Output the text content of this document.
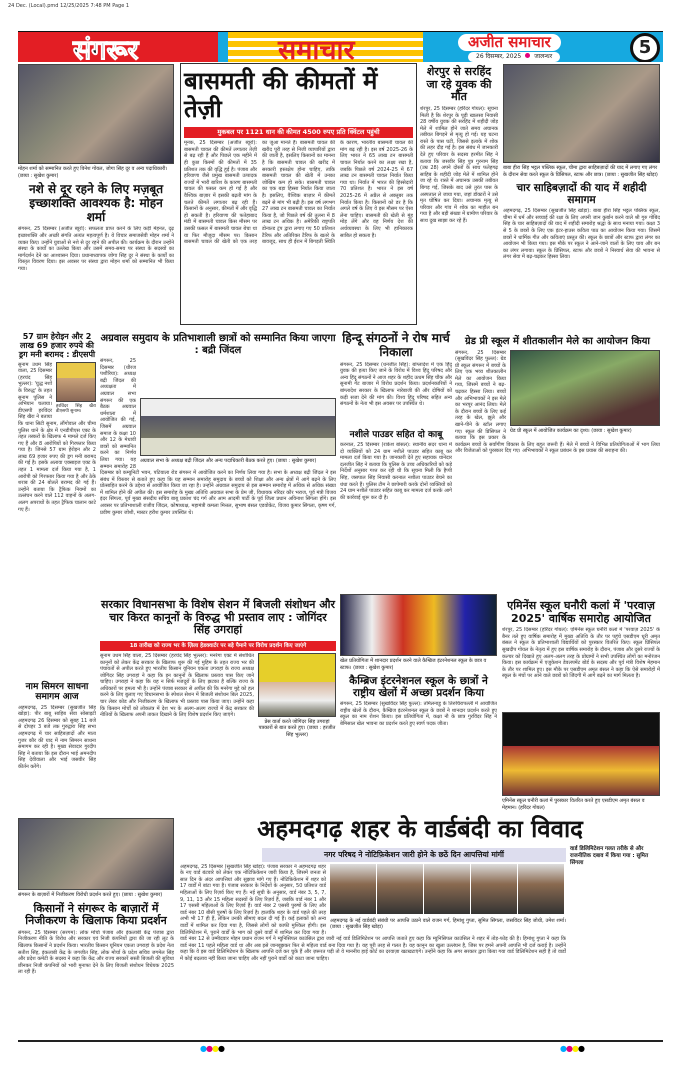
24 Dec. (Local).pmd 12/25/2025 7:48 PM Page 1
संगरूर	समाचार	अजीत समाचार
26 दिसम्बर, 2025 जालन्धर	5
मोहन शर्मा को सम्मानित करते हुए विनेश गोयल, जोगा सिंह दूर व अन्य पदाधिकारी। (छाया : सुखेश कुमार)
नशे से दूर रहने के लिए मज़बूत इच्छाशक्ति आवश्यक है: मोहन शर्मा
संगरूर, 25 दिसम्बर (अजीत ब्यूरो): सफलता प्राप्त करने के लिए कड़ी मेहनत, दृढ़ इच्छाशक्ति और अच्छी संगति अत्यंत महत्वपूर्ण है। ये विचार समाजसेवी मोहन शर्मा ने व्यक्त किए। उन्होंने युवाओं से नशे से दूर रहने की अपील की। कार्यक्रम के दौरान उन्होंने संस्था के कार्यों का उल्लेख किया और उसमें समय-समय पर संस्था के सदस्यों का मार्गदर्शन देने का आश्वासन दिया। प्रधानाध्यापक जोगा सिंह दूर ने संस्था के कार्यों का विस्तृत विवरण दिया। इस अवसर पर संस्था द्वारा मोहन शर्मा को सम्मानित भी किया गया।
बासमती की कीमतों में तेज़ी
मुकबल पर 1121 धान की कीमत 4500 रुपए प्रति क्विंटल पहुंची
मूनक, 25 दिसम्बर (अजीत ब्यूरो): बासमती चावल की कीमतें लगातार तेज़ी से बढ़ रही हैं और पिछले एक महीने में ही कुछ किस्मों की कीमतों में 35 प्रतिशत तक की वृद्धि हुई है। पंजाब और हरियाणा जैसे प्रमुख बासमती उत्पादक राज्यों में भारी बारिश के कारण बासमती चावल की फसल कम हो गई है और वैश्विक बाज़ार में इसकी बढ़ती मांग के चलते कीमतें लगातार बढ़ रही हैं। किसानों के अनुसार, कीमतों में और वृद्धि हो सकती है। हरियाणा की फतेहाबाद मंडी में बासमती चावल किस मौसम पर उसकी फ़सल में बासमती चावल बेचा था या फिर मौजूदा मौसम पर। किसान बासमती चावल की खेती को एक तरह का जुआ मानते हैं। बासमती चावल की खरीद पूरी तरह से निजी व्यापारियों द्वारा की जाती है, इसलिए किसानों का मानना है कि बासमती चावल की खरीद में सरकारी हस्तक्षेप होना चाहिए, ताकि बासमती चावल की खेती में उनका जोखिम कम हो सके। बासमती चावल का एक बड़ा हिस्सा निर्यात किया जाता है। इसलिए, वैश्विक बाज़ार में कीमतें बढ़ने से मांग भी बढ़ी है। इस वर्ष लगभग 27 लाख टन बासमती चावल का निर्यात किया है, जो पिछले वर्ष की तुलना में 8 लाख टन अधिक है। अमेरिकी राष्ट्रपति डोनाल्ड ट्रंप द्वारा लगाए गए 50 प्रतिशत टैरिफ और अतिरिक्त टैरिफ के खतरे के बावजूद, साथ ही ईरान में बिगड़ती स्थिति के कारण, भारतीय बासमती चावल की मांग बढ़ रही है। इस वर्ष 2025-26 के लिए भारत ने 65 लाख टन बासमती चावल निर्यात करने का लक्ष्य रखा है, जबकि पिछले वर्ष 2024-25 में 67 लाख टन बासमती चावल निर्यात किया गया था। निर्यात में भारत की हिस्सेदारी 70 प्रतिशत है। भारत ने इस वर्ष 2025-26 में अप्रैल से अक्तूबर तक निर्यात किया है। किसानों को डर है कि अगले वर्ष के लिए वे इस मौसम पर ऐसा लेना चाहिए। बासमती की खेती से मुंह मोड़ लेंगे और वह निर्णय देश की अर्थव्यवस्था के लिए भी हानिकारक साबित हो सकता है।
शेरपुर से सरहिंद जा रहे युवक की मौत
शेरपुर, 25 दिसम्बर (हरिंदर गोयल): सूचना मिली है कि शेरपुर के पूड़ी खालसा निवासी 28 वर्षीय युवक की सरहिंद में शहीदी जोड़ मेले में शामिल होने जाते समय अचानक तबीयत बिगड़ने से मृत्यु हो गई। यह घटना रास्ते के पास घटी, जिससे इलाके में शोक की लहर दौड़ गई है। इस संबंध में जानकारी देते हुए परिवार के सदस्य हरमीत सिंह ने बताया कि जसवीर सिंह पुत्र गुरनाम सिंह (उम्र 28) अपने दोस्तों के साथ फतेहगढ़ साहिब के शहीदी जोड़ मेले में शामिल होने जा रहे थे। रास्ते में अचानक उसकी तबीयत बिगड़ गई, जिसके बाद उसे तुरंत पास के अस्पताल ले जाया गया, जहां डॉक्टरों ने उसे मृत घोषित कर दिया। अचानक मृत्यु से परिवार और गांव में शोक का माहौल बन गया है और बड़ी संख्या में ग्रामीण परिवार के साथ दुख साझा कर रहे हैं।
बाबा हीरा सिंह भट्टल पब्लिक स्कूल, चीमा द्वारा साहिबज़ादों की याद में लगाए गए लंगर के दौरान सेवा करते स्कूल के प्रिंसिपल, स्टाफ और छात्र। (छाया : सुखजीत सिंह खोड़ा)
चार साहिबज़ादों की याद में शहीदी समागम
अहमदगढ़, 25 दिसम्बर (सुखजीत सिंह खोड़ा): बाबा हीरा सिंह भट्टल पब्लिक स्कूल, चीमा में धर्म और सच्चाई की रक्षा के लिए अपनी जान कुर्बान करने वाले श्री गुरु गोबिंद सिंह के चार साहिबज़ादों की याद में शहीदी समारोह श्रद्धा के साथ मनाया गया। कक्षा 3 से 5 के छात्रों के लिए एक इंटर-हाउस कविता पाठ का आयोजन किया गया। जिसमें छात्रों ने धार्मिक गीत और कविताएं प्रस्तुत कीं। स्कूल के छात्रों और स्टाफ द्वारा लंगर का आयोजन भी किया गया। इस मौके पर स्कूल ने आने-जाने वालों के लिए चाय और बन का लंगर लगाया। स्कूल के प्रिंसिपल, स्टाफ और छात्रों ने निस्वार्थ सेवा की भावना से लंगर सेवा में बढ़-चढ़कर हिस्सा लिया।
57 ग्राम हेरोइन और 2 लाख 69 हजार रुपये की ड्रग मनी बरामद : डीएसपी
हरविंदर सिंह खैरा डीएसपी सुनाम।
सुनाम उधम सिंह वाला, 25 दिसम्बर (हरचंद सिंह भुल्लर): 'युद्ध नशों के विरुद्ध' के तहत सुनाम पुलिस ने अभियान चलाया। डीएसपी हरविंदर सिंह खैरा ने बताया कि थाना सिटी सुनाम, लौंगोवाल और चीमा पुलिस थाने के क्षेत्र में एनडीपीएस एक्ट के तहत तस्करों के खिलाफ 4 मामले दर्ज किए गए हैं और 8 आरोपियों को गिरफ्तार किया गया है। जिनसे 57 ग्राम हेरोइन और 2 लाख 69 हजार रुपए की ड्रग मनी बरामद की गई है। इसके अलावा एक्साइज एक्ट के तहत 1 मामला दर्ज किया गया है, 1 आरोपी को गिरफ्तार किया गया है और ठेके शराब की 24 बोतलें बरामद की गई हैं। उन्होंने बताया कि ट्रैफिक नियमों का उल्लंघन करने वाले 112 वाहनों के अलग-अलग अपराधों के तहत ट्रैफिक चालान काटे गए हैं।
नाम सिमरन साधना समागम आज
अहमदगढ़, 25 दिसम्बर (सुखजीत सिंह खोड़ा): पीर बाबू साहिब सेवा सोसाइटी अहमदगढ़ 26 दिसम्बर को सुबह 11 बजे से दोपहर 3 बजे तक गुरुद्वारा सिंह सभा अहमदगढ़ में चार साहिबज़ादों और माता गुजर कौर की याद में नाम सिमरन साधना समागम कर रही है। मुख्य सेवादार गुरदीप सिंह ने बताया कि इस दौरान भाई अमनदीप सिंह देवीवाला और भाई जसवीर सिंह कीर्तन करेंगे।
अग्रवाल समुदाय के प्रतिभाशाली छात्रों को सम्मानित किया जाएगा : बद्री जिंदल
अग्रवाल सभा के अध्यक्ष बद्री जिंदल और अन्य पदाधिकारी बैठक करते हुए। (छाया : सुखेश कुमार)
संगरूर, 25 दिसम्बर (धीरज पशौरिया): अध्यक्ष बद्री जिंदल की अध्यक्षता में अग्रवाल सभा संगरूर की एक बैठक अग्रवाल धर्मशाला में आयोजित की गई, जिसमें अग्रवाल समाज के कक्षा 10 और 12 के मेधावी छात्रों को सम्मानित करने का निर्णय लिया गया। यह सम्मान समारोह 28 दिसम्बर को कम्युनिटी भवन, पटियाला रोड संगरूर में आयोजित करने का निर्णय लिया गया है। सभा के अध्यक्ष बद्री जिंदल ने इस संबंध में विस्तार से बताते हुए कहा कि यह सम्मान समारोह समुदाय के बच्चों को शिक्षा और अन्य क्षेत्रों में आगे बढ़ने के लिए प्रोत्साहित करने के उद्देश्य से आयोजित किया जा रहा है। उन्होंने अग्रवाल समुदाय से इस सम्मान समारोह में अधिक से अधिक संख्या में शामिल होने की अपील की। इस समारोह के मुख्य अतिथि अग्रवाल सभा के प्रेम जी, विधायक नरिंदर कौर भराज, पूर्व मंत्री विजय इंदर सिंगला, पूर्व मुख्य संसदीय सचिव बाबू प्रकाश चंद गर्ग और आम आदमी पार्टी के पूर्व जिला प्रधान अविनाश सिंगला होंगे। इस अवसर पर प्रतिभाशाली राजीव जिंदल, कोषाध्यक्ष, महामंत्री कमला मित्तल, सुभाष बंसल एडवोकेट, विजय कुमार सिंगला, कृष्ण गर्ग, प्रवीण कुमार जोशी, मास्टर हरीश कुमार उपस्थित थे।
हिन्दू संगठनों ने रोष मार्च निकाला
संगरूर, 25 दिसम्बर (धनजीत सिंह): बांग्लादेश में एक हिंदू युवक की हत्या किए जाने के विरोध में विश्व हिंदू परिषद और अन्य हिंदू संगठनों ने आज शहर के शहीद ऊधम सिंह चौक और सुनामी गेट बाजार में विरोध प्रदर्शन किया। प्रदर्शनकारियों ने बांग्लादेश सरकार के खिलाफ नारेबाजी की और दोषियों को कड़ी सजा देने की मांग की। विश्व हिंदू परिषद सहित अन्य संगठनों के नेता भी इस अवसर पर उपस्थित थे।
नशीले पाउडर सहित दो काबू
करनाल, 25 दिसम्बर (राकेश बांसल): स्थानीय सदर थाना में दो व्यक्तियों को 24 ग्राम नशीले पाउडर सहित काबू कर मामला दर्ज किया गया है। जानकारी देते हुए सहायक थानेदार दलजीत सिंह ने बताया कि पुलिस के उच्च अधिकारियों को कड़े निर्देशों अनुसार गश्त कर रही थी कि सूचना मिली कि हैप्पी सिंह, जसपाल सिंह निवासी करनाल नशीला पाउडर बेचने का धंधा करते हैं। पुलिस टीम ने छापेमारी करके दोनों व्यक्तियों को 24 ग्राम नशीले पाउडर सहित काबू कर मामला दर्ज करके आगे की कार्रवाई शुरू कर दी है।
ग्रेड प्री स्कूल में शीतकालीन मेले का आयोजन किया
ग्रेड प्री स्कूल में आयोजित कार्यक्रम का दृश्य। (छाया : सुखेश कुमार)
संगरूर, 25 दिसम्बर (सुखविंदर सिंह फुल्ल): ग्रेड प्री स्कूल संगरूर में बच्चों के लिए एक भव्य शीतकालीन मेले का आयोजन किया गया, जिसमें बच्चों ने बढ़-चढ़कर हिस्सा लिया। बच्चों और अभिभावकों ने इस मेले का भरपूर आनंद लिया। मेले के दौरान बच्चों के लिए कई तरह के खेल, झूले और खाने-पीने के स्टॉल लगाए गए। स्कूल की प्रिंसिपल ने बताया कि इस प्रकार के कार्यक्रम बच्चों के सर्वांगीण विकास के लिए बहुत जरूरी हैं। मेले में बच्चों ने विभिन्न प्रतियोगिताओं में भाग लिया और विजेताओं को पुरस्कार दिए गए। अभिभावकों ने स्कूल प्रबंधन के इस प्रयास की सराहना की।
सरकार विधानसभा के विशेष सेशन में बिजली संशोधन और चार किरत कानूनों के विरुद्ध भी प्रस्ताव लाए : जोगिंदर सिंह उगराहां
18 तारीख को राज्य भर के ज़िला हेडक्वार्टर पर बड़े पैमाने पर विरोध प्रदर्शन किए जाएंगे
प्रेस वार्ता करते जोगिंदर सिंह उगराहां पत्रकारों से बात करते हुए। (छाया : हरजीत सिंह भुल्लर)
सुनाम उधम सिंह वाला, 25 दिसम्बर (हरचंद सिंह भुल्लर): मनरेगा एक्ट में संशोधित कानूनों को लेकर केंद्र सरकार के खिलाफ शुरू की गई मुहिम के तहत राज्य भर की पंचायतों से अपील करते हुए भारतीय किसान यूनियन एकता उगराहां के राज्य अध्यक्ष जोगिंदर सिंह उगराहां ने कहा कि इन कानूनों के खिलाफ प्रस्ताव पास किए जाने चाहिए। उगराहां ने कहा कि यह न सिर्फ मजदूरों के लिए झटका है बल्कि राज्य के अधिकारों पर हमला भी है। उन्होंने पंजाब सरकार से अपील की कि मनरेगा मुद्दे को हल करने के लिए बुलाए गए विधानसभा के स्पेशल सेशन में बिजली संशोधन बिल 2025, चार लेबर कोड और निजीकरण के खिलाफ भी प्रस्ताव पास किया जाए। उन्होंने कहा कि किसान मोर्चों को लोकतंत्र में देश भर के अलग-अलग राज्यों में केंद्र सरकार की नीतियों के खिलाफ अपनी ताकत दिखाने के लिए विशेष प्रदर्शन किए जाएंगे।
खेल प्रतियोगिता में शानदार प्रदर्शन करने वाले कैम्ब्रिज इंटरनेशनल स्कूल के छात्र व स्टाफ। (छाया : सुखेश कुमार)
कैम्ब्रिज इंटरनेशनल स्कूल के छात्रों ने राष्ट्रीय खेलों में अच्छा प्रदर्शन किया
संगरूर, 25 दिसम्बर (सुखविंदर सिंह फुल्ल): तमिलनाडु के तिरुचिरापल्ली में आयोजित राष्ट्रीय खेलों के दौरान, कैम्ब्रिज इंटरनेशनल स्कूल के छात्रों ने शानदार प्रदर्शन करते हुए स्कूल का नाम रोशन किया। इस प्रतियोगिता में, कक्षा नौ के छात्र गुरविंदर सिंह ने बेमिसाल खेल भावना का प्रदर्शन करते हुए स्वर्ण पदक जीता।
एमिनेंस स्कूल घनौरी कलां में 'परवाज़ 2025' वार्षिक समारोह आयोजित
शेरपुर, 25 दिसम्बर (हरिंदर गोयल): एमिनेंस स्कूल घनौरी कलां में 'परवाज़ 2025' के बैनर तले हुए वार्षिक समारोह में मुख्य अतिथि के तौर पर पहुंचे एसडीएम धूरी अमृत बंसल ने स्कूल के प्रतिभाशाली विद्यार्थियों को पुरस्कार वितरित किए। स्कूल प्रिंसिपल सुखदीप गोयल के नेतृत्व में हुए इस वार्षिक समारोह के दौरान, पंजाब और दूसरे राज्यों के कल्चर को दिखाते हुए अलग-अलग तरह के प्रोग्रामों ने सभी उपस्थित लोगों का मनोरंजन किया। इस कार्यक्रम में एजुकेशन डेवलपमेंट बोर्ड के सदस्य और पूर्व मंत्री विशेष मेहमान के तौर पर शामिल हुए। इस मौके पर एसडीएम अमृत बंसल ने कहा कि ऐसे समारोहों में स्कूल के मंचों पर आने वाले छात्रों को जिंदगी में आगे बढ़ने का मार्ग मिलता है।
एमिनेंस स्कूल घनौरी कलां में पुरस्कार वितरित करते हुए एसडीएम अमृत बंसल व मेहमान। (हरिंदर गोयल)
संगरूर के बाज़ारों में निजीकरण विरोधी प्रदर्शन करते हुए। (छाया : सुखेश कुमार)
किसानों ने संगरूर के बाज़ारों में निजीकरण के खिलाफ किया प्रदर्शन
संगरूर, 25 दिसम्बर (सरगम): लोक मोर्चा पंजाब और इंकलाबी केंद्र पंजाब द्वारा निजीकरण नीति के विरोध और सरकार एवं निजी कंपनियों द्वारा की जा रही लूट के खिलाफ किसानों ने प्रदर्शन किया। भारतीय किसान यूनियन एकता उगराहां के प्रदेश नेता सतीश सिंह, इंकलाबी केंद्र के जगजीत सिंह, लोक मोर्चा के प्रदेश सचिव जगमेल सिंह और प्रदेश कमेटी के सदस्य ने कहा कि केंद्र और राज्य सरकारें सस्ती बिजली की सुविधा छीनकर निजी कंपनियों को भारी मुनाफा देने के लिए बिजली संशोधन विधेयक 2025 ला रही हैं।
अहमदगढ़ शहर के वार्डबंदी का विवाद
नगर परिषद ने नोटिफ़िकेशन जारी होने के छठें दिन आपत्तियां मांगीं
अहमदगढ़ के नई वार्डबंदी संबंधी पर आपत्ति उठाने वाले राजन गर्ग, हिमांशु गुप्ता, सुमित सिंगला, जसविंदर सिंह जोधी, उमेश शर्मा। (छाया : सुखजीत सिंह खोड़ा)
अहमदगढ़, 25 दिसम्बर (सुखजीत सिंह खोड़ा): पंजाब सरकार ने अहमदगढ़ शहर के नए वार्ड बंटवारे को लेकर एक नोटिफ़िकेशन जारी किया है, जिसमें जनता से सात दिन के अंदर आपत्तियां और सुझाव मांगे गए हैं। नोटिफ़िकेशन में शहर को 17 वार्डों में बांटा गया है। पंजाब सरकार के निर्देशों के अनुसार, 50 प्रतिशत वार्ड महिलाओं के लिए रिज़र्व किए गए हैं। नई सूची के अनुसार, वार्ड नंबर 3, 5, 7, 9, 11, 13 और 15 महिला सदस्यों के लिए रिज़र्व हैं, जबकि वार्ड नंबर 1 और 17 एससी महिलाओं के लिए रिज़र्व हैं। वार्ड नंबर 2 एससी पुरुषों के लिए और वार्ड नंबर 10 बीसी पुरुषों के लिए रिज़र्व है। हालांकि शहर के वार्ड पहले की तरह अभी भी 17 ही हैं, लेकिन उनकी सीमाएं बदल दी गई हैं। कई इलाकों को अन्य वार्डों में शामिल कर दिया गया है, जिससे लोगों को काफी मुश्किल होगी। इस डिलिमिटेशन में, पुराने वार्डों के भाग को दूसरे वार्डों में शामिल कर दिया गया है। वार्ड नंबर 12 से उम्मीदवार मोहन प्रधान राजन गर्ग ने म्युनिसिपल काउंसिल द्वारा जारी नई वार्ड डिलिमिटेशन पर आपत्ति जताते हुए कहा कि म्युनिसिपल काउंसिल ने शहर में तोड़-फोड़ की है। हिमांशु गुप्ता ने कहा कि वार्ड नंबर 11 पहले महिला वार्ड था और अब इसे जानबूझकर फिर से महिला वार्ड बना दिया गया है। यह पूरी तरह से गलत है। यह कानून का खुला उल्लंघन है, जिस पर हमने अपनी आपत्ति भी दर्ज कराई है। उन्होंने कहा कि वे इस वार्ड डिलिमिटेशन के खिलाफ आपत्ति दर्ज कर चुके हैं और ज़रूरत पड़ी तो वे माननीय हाई कोर्ट का दरवाज़ा खटखटाएंगे। उन्होंने कहा कि अगर सरकार द्वारा किया गया वार्ड डिलिमिटेशन सही है तो वार्डों में कोई बदलाव नहीं किया जाना चाहिए और नहीं पुराने वार्डों को काटा जाना चाहिए।
वार्ड डिलिमिटेशन गलत तरीके से और राजनीतिक दबाव में किया गया : सुमित सिंगला
●●●●	●●●●
